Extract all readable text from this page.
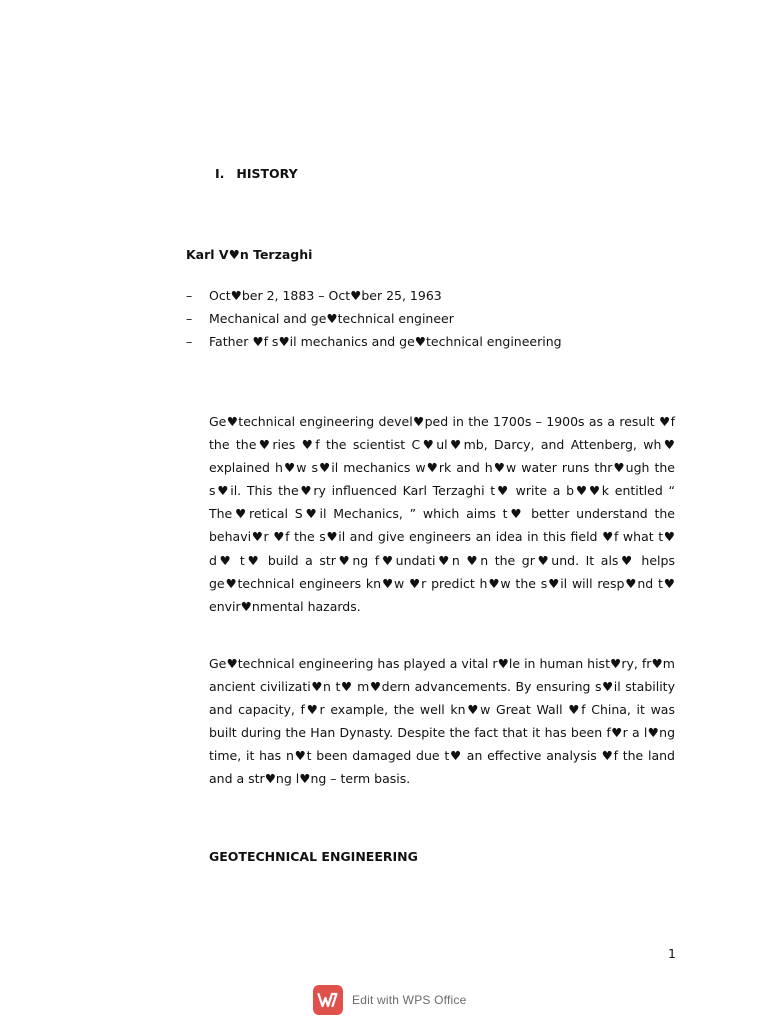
I. HISTORY
Karl V♥n Terzaghi
–	Oct♥ber 2, 1883 – Oct♥ber 25, 1963
–	Mechanical and ge♥technical engineer
–	Father ♥f s♥il mechanics and ge♥technical engineering

Ge♥technical engineering devel♥ped in the 1700s – 1900s as a result ♥f the the♥ries ♥f the scientist C♥ul♥mb, Darcy, and Attenberg, wh♥ explained h♥w s♥il mechanics w♥rk and h♥w water runs thr♥ugh the s♥il. This the♥ry influenced Karl Terzaghi t♥ write a b♥♥k entitled “ The♥retical S♥il Mechanics, ” which aims t♥ better understand the behavi♥r ♥f the s♥il and give engineers an idea in this field ♥f what t♥ d♥ t♥ build a str♥ng f♥undati♥n ♥n the gr♥und. It als♥ helps ge♥technical engineers kn♥w ♥r predict h♥w the s♥il will resp♥nd t♥ envir♥nmental hazards.

Ge♥technical engineering has played a vital r♥le in human hist♥ry, fr♥m ancient civilizati♥n t♥ m♥dern advancements. By ensuring s♥il stability and capacity, f♥r example, the well kn♥w Great Wall ♥f China, it was built during the Han Dynasty. Despite the fact that it has been f♥r a l♥ng time, it has n♥t been damaged due t♥ an effective analysis ♥f the land and a str♥ng l♥ng – term basis.

GEOTECHNICAL ENGINEERING
1
Edit with WPS Office
